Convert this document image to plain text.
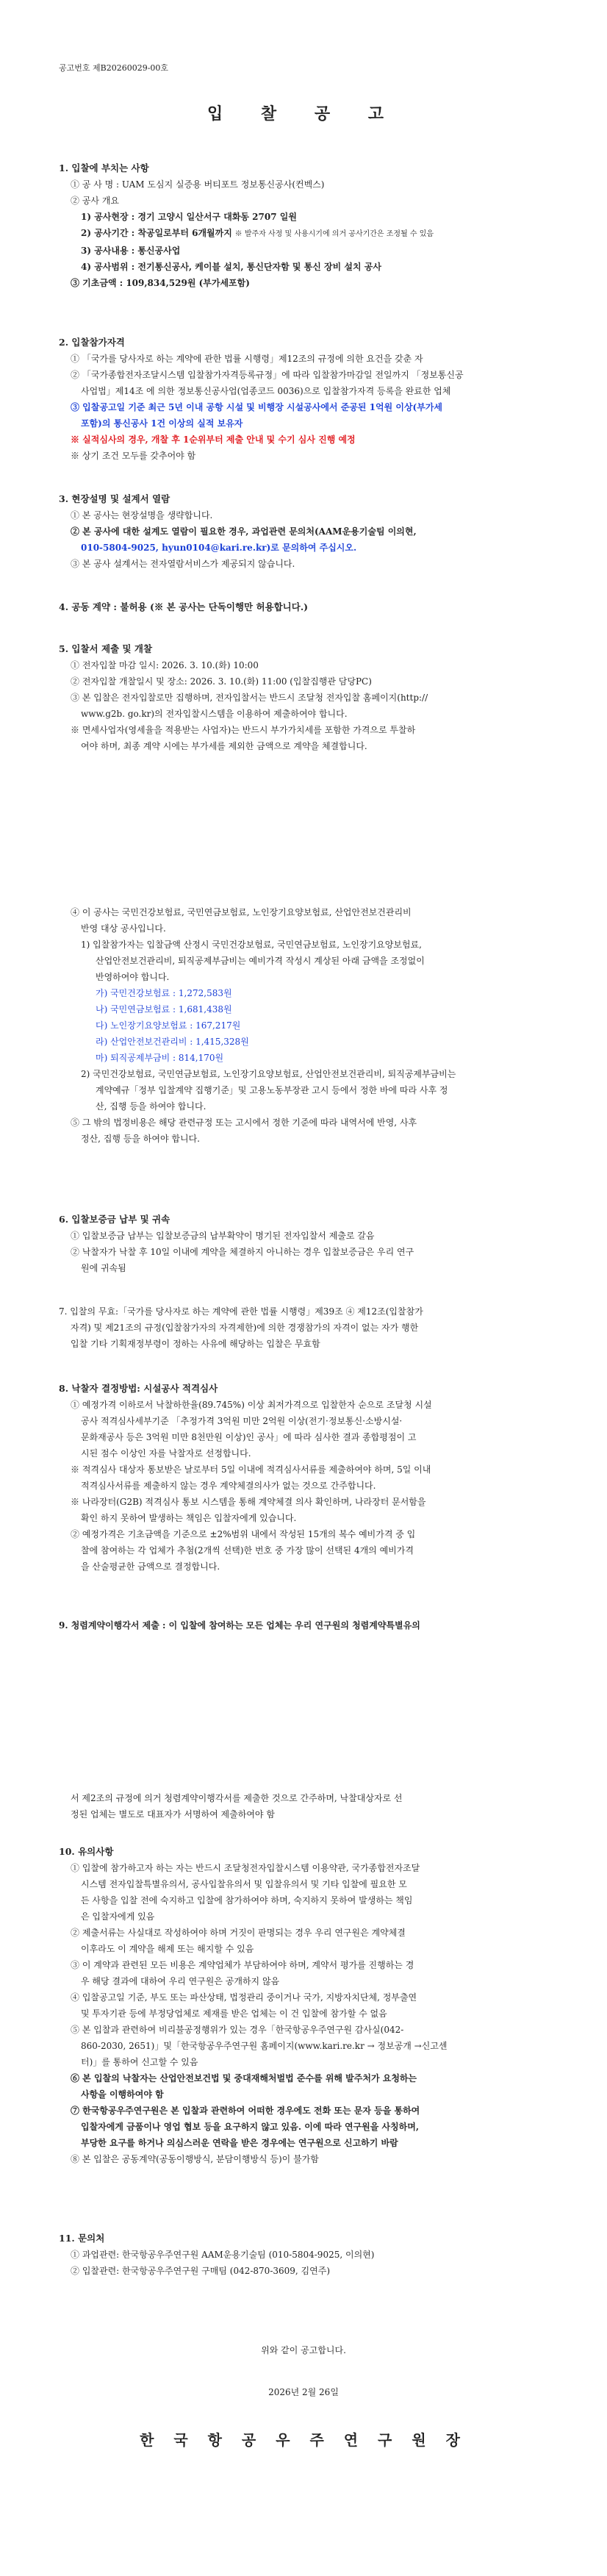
공고번호 제B20260029-00호
입 찰 공 고
1. 입찰에 부치는 사항
① 공 사 명 : UAM 도심지 실증용 버티포트 정보통신공사(컨벡스)
② 공사 개요
1) 공사현장 : 경기 고양시 일산서구 대화동 2707 일원
2) 공사기간 : 착공일로부터 6개월까지 ※ 발주자 사정 및 사용시기에 의거 공사기간은 조정될 수 있음
3) 공사내용 : 통신공사업
4) 공사범위 : 전기통신공사, 케이블 설치, 통신단자함 및 통신 장비 설치 공사
③ 기초금액 : 109,834,529원 (부가세포함)
2. 입찰참가자격
① 「국가를 당사자로 하는 계약에 관한 법률 시행령」제12조의 규정에 의한 요건을 갖춘 자
② 「국가종합전자조달시스템 입찰참가자격등록규정」에 따라 입찰참가마감일 전일까지 「정보통신공
사업법」제14조 에 의한 정보통신공사업(업종코드 0036)으로 입찰참가자격 등록을 완료한 업체
③ 입찰공고일 기준 최근 5년 이내 공항 시설 및 비행장 시설공사에서 준공된 1억원 이상(부가세
포함)의 통신공사 1건 이상의 실적 보유자
※ 실적심사의 경우, 개찰 후 1순위부터 제출 안내 및 수기 심사 진행 예정
※ 상기 조건 모두를 갖추어야 함
3. 현장설명 및 설계서 열람
① 본 공사는 현장설명을 생략합니다.
② 본 공사에 대한 설계도 열람이 필요한 경우, 과업관련 문의처(AAM운용기술팀 이의현,
010-5804-9025, hyun0104@kari.re.kr)로 문의하여 주십시오.
③ 본 공사 설계서는 전자열람서비스가 제공되지 않습니다.
4. 공동 계약 : 불허용 (※ 본 공사는 단독이행만 허용합니다.)
5. 입찰서 제출 및 개찰
① 전자입찰 마감 일시: 2026. 3. 10.(화) 10:00
② 전자입찰 개찰일시 및 장소: 2026. 3. 10.(화) 11:00 (입찰집행관 담당PC)
③ 본 입찰은 전자입찰로만 집행하며, 전자입찰서는 반드시 조달청 전자입찰 홈페이지(http://
www.g2b. go.kr)의 전자입찰시스템을 이용하여 제출하여야 합니다.
※ 면세사업자(영세율을 적용받는 사업자)는 반드시 부가가치세를 포함한 가격으로 투찰하
여야 하며, 최종 계약 시에는 부가세를 제외한 금액으로 계약을 체결합니다.
④ 이 공사는 국민건강보험료, 국민연금보험료, 노인장기요양보험료, 산업안전보건관리비
반영 대상 공사입니다.
1) 입찰참가자는 입찰금액 산정시 국민건강보험료, 국민연금보험료, 노인장기요양보험료,
산업안전보건관리비, 퇴직공제부금비는 예비가격 작성시 계상된 아래 금액을 조정없이
반영하여야 합니다.
가) 국민건강보험료 : 1,272,583원
나) 국민연금보험료 : 1,681,438원
다) 노인장기요양보험료 : 167,217원
라) 산업안전보건관리비 : 1,415,328원
마) 퇴직공제부금비 : 814,170원
2) 국민건강보험료, 국민연금보험료, 노인장기요양보험료, 산업안전보건관리비, 퇴직공제부금비는
계약예규「정부 입찰계약 집행기준」및 고용노동부장관 고시 등에서 정한 바에 따라 사후 정
산, 집행 등을 하여야 합니다.
⑤ 그 밖의 법정비용은 해당 관련규정 또는 고시에서 정한 기준에 따라 내역서에 반영, 사후
정산, 집행 등을 하여야 합니다.
6. 입찰보증금 납부 및 귀속
① 입찰보증금 납부는 입찰보증금의 납부확약이 명기된 전자입찰서 제출로 갈음
② 낙찰자가 낙찰 후 10일 이내에 계약을 체결하지 아니하는 경우 입찰보증금은 우리 연구
원에 귀속됨
7. 입찰의 무효:「국가를 당사자로 하는 계약에 관한 법률 시행령」제39조 ④ 제12조(입찰참가
자격) 및 제21조의 규정(입찰참가자의 자격제한)에 의한 경쟁참가의 자격이 없는 자가 행한
입찰 기타 기획재정부령이 정하는 사유에 해당하는 입찰은 무효함
8. 낙찰자 결정방법: 시설공사 적격심사
① 예정가격 이하로서 낙찰하한율(89.745%) 이상 최저가격으로 입찰한자 순으로 조달청 시설
공사 적격심사세부기준 「추정가격 3억원 미만 2억원 이상(전기·정보통신·소방시설·
문화재공사 등은 3억원 미만 8천만원 이상)인 공사」에 따라 심사한 결과 종합평점이 고
시된 점수 이상인 자를 낙찰자로 선정합니다.
※ 적격심사 대상자 통보받은 날로부터 5일 이내에 적격심사서류를 제출하여야 하며, 5일 이내
적격심사서류를 제출하지 않는 경우 계약체결의사가 없는 것으로 간주합니다.
※ 나라장터(G2B) 적격심사 통보 시스템을 통해 계약체결 의사 확인하며, 나라장터 문서함을
확인 하지 못하여 발생하는 책임은 입찰자에게 있습니다.
② 예정가격은 기초금액을 기준으로 ±2%범위 내에서 작성된 15개의 복수 예비가격 중 입
찰에 참여하는 각 업체가 추첨(2개씩 선택)한 번호 중 가장 많이 선택된 4개의 예비가격
을 산술평균한 금액으로 결정합니다.
9. 청렴계약이행각서 제출 : 이 입찰에 참여하는 모든 업체는 우리 연구원의 청렴계약특별유의
서 제2조의 규정에 의거 청렴계약이행각서를 제출한 것으로 간주하며, 낙찰대상자로 선
정된 업체는 별도로 대표자가 서명하여 제출하여야 함
10. 유의사항
① 입찰에 참가하고자 하는 자는 반드시 조달청전자입찰시스템 이용약관, 국가종합전자조달
시스템 전자입찰특별유의서, 공사입찰유의서 및 입찰유의서 및 기타 입찰에 필요한 모
든 사항을 입찰 전에 숙지하고 입찰에 참가하여야 하며, 숙지하지 못하여 발생하는 책임
은 입찰자에게 있음
② 제출서류는 사실대로 작성하여야 하며 거짓이 판명되는 경우 우리 연구원은 계약체결
이후라도 이 계약을 해제 또는 해지할 수 있음
③ 이 계약과 관련된 모든 비용은 계약업체가 부담하여야 하며, 계약서 평가를 진행하는 경
우 해당 결과에 대하여 우리 연구원은 공개하지 않음
④ 입찰공고일 기준, 부도 또는 파산상태, 법정관리 중이거나 국가, 지방자치단체, 정부출연
및 투자기관 등에 부정당업체로 제재를 받은 업체는 이 건 입찰에 참가할 수 없음
⑤ 본 입찰과 관련하여 비리불공정행위가 있는 경우「한국항공우주연구원 감사실(042-
860-2030, 2651)」및「한국항공우주연구원 홈페이지(www.kari.re.kr → 정보공개 →신고센
터)」를 통하여 신고할 수 있음
⑥ 본 입찰의 낙찰자는 산업안전보건법 및 중대재해처벌법 준수를 위해 발주처가 요청하는
사항을 이행하여야 함
⑦ 한국항공우주연구원은 본 입찰과 관련하여 어떠한 경우에도 전화 또는 문자 등을 통하여
입찰자에게 금품이나 영업 협보 등을 요구하지 않고 있음. 이에 따라 연구원을 사칭하며,
부당한 요구를 하거나 의심스러운 연락을 받은 경우에는 연구원으로 신고하기 바람
⑧ 본 입찰은 공동계약(공동이행방식, 분담이행방식 등)이 불가함
11. 문의처
① 과업관련: 한국항공우주연구원 AAM운용기술팀 (010-5804-9025, 이의현)
② 입찰관련: 한국항공우주연구원 구매팀 (042-870-3609, 김연주)
위와 같이 공고합니다.
2026년 2월 26일
한 국 항 공 우 주 연 구 원 장
